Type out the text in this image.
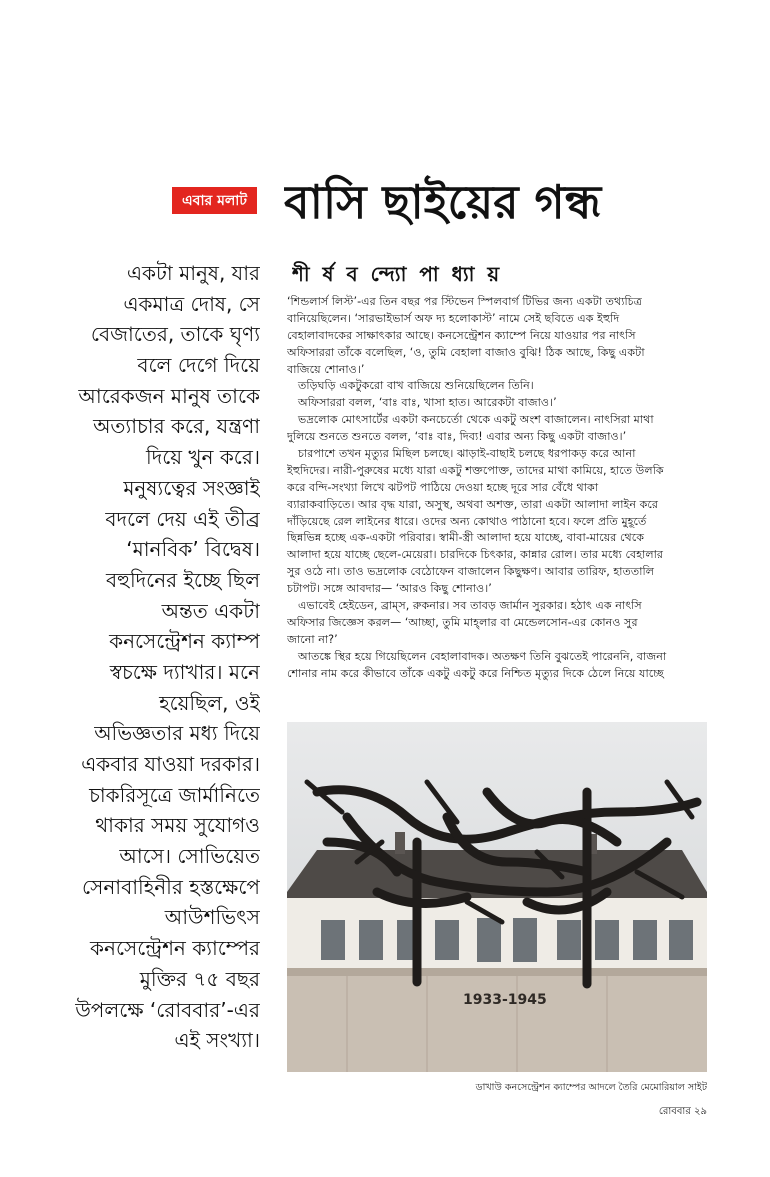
এবার মলাট বাসি ছাইয়ের গন্ধ
শী র্ষ ব ন্দ্যো পা ধ্যা য়
একটা মানুষ, যার
একমাত্র দোষ, সে
বেজাতের, তাকে ঘৃণ্য
বলে দেগে দিয়ে
আরেকজন মানুষ তাকে
অত্যাচার করে, যন্ত্রণা
দিয়ে খুন করে।
মনুষ্যত্বের সংজ্ঞাই
বদলে দেয় এই তীব্র
‘মানবিক’ বিদ্বেষ।
বহুদিনের ইচ্ছে ছিল
অন্তত একটা
কনসেন্ট্রেশন ক্যাম্প
স্বচক্ষে দ্যাখার। মনে
হয়েছিল, ওই
অভিজ্ঞতার মধ্য দিয়ে
একবার যাওয়া দরকার।
চাকরিসূত্রে জার্মানিতে
থাকার সময় সুযোগও
আসে। সোভিয়েত
সেনাবাহিনীর হস্তক্ষেপে
আউশভিৎস
কনসেন্ট্রেশন ক্যাম্পের
মুক্তির ৭৫ বছর
উপলক্ষে ‘রোববার’-এর
এই সংখ্যা।
‘শিন্ডলার্স লিস্ট’-এর তিন বছর পর স্টিভেন স্পিলবার্গ টিভির জন্য একটা তথ্যচিত্র
বানিয়েছিলেন। ‘সারভাইভার্স অফ দ্য হলোকাস্ট’ নামে সেই ছবিতে এক ইহুদি
বেহালাবাদকের সাক্ষাৎকার আছে। কনসেন্ট্রেশন ক্যাম্পে নিয়ে যাওয়ার পর নাৎসি
অফিসাররা তাঁকে বলেছিল, ‘ও, তুমি বেহালা বাজাও বুঝি! ঠিক আছে, কিছু একটা
বাজিয়ে শোনাও।’
তড়িঘড়ি একটুকরো বাখ বাজিয়ে শুনিয়েছিলেন তিনি।
অফিসাররা বলল, ‘বাঃ বাঃ, খাসা হাত। আরেকটা বাজাও।’
ভদ্রলোক মোৎসার্টের একটা কনচের্তো থেকে একটু অংশ বাজালেন। নাৎসিরা মাথা
দুলিয়ে শুনতে শুনতে বলল, ‘বাঃ বাঃ, দিব্য! এবার অন্য কিছু একটা বাজাও।’
চারপাশে তখন মৃত্যুর মিছিল চলছে। ঝাড়াই-বাছাই চলছে ধরপাকড় করে আনা
ইহুদিদের। নারী-পুরুষের মধ্যে যারা একটু শক্তপোক্ত, তাদের মাথা কামিয়ে, হাতে উলকি
করে বন্দি-সংখ্যা লিখে ঝটপট পাঠিয়ে দেওয়া হচ্ছে দূরে সার বেঁধে থাকা
ব্যারাকবাড়িতে। আর বৃদ্ধ যারা, অসুস্থ, অথবা অশক্ত, তারা একটা আলাদা লাইন করে
দাঁড়িয়েছে রেল লাইনের ধারে। ওদের অন্য কোথাও পাঠানো হবে। ফলে প্রতি মুহূর্তে
ছিন্নভিন্ন হচ্ছে এক-একটা পরিবার। স্বামী-স্ত্রী আলাদা হয়ে যাচ্ছে, বাবা-মায়ের থেকে
আলাদা হয়ে যাচ্ছে ছেলে-মেয়েরা। চারদিকে চিৎকার, কান্নার রোল। তার মধ্যে বেহালার
সুর ওঠে না। তাও ভদ্রলোক বেঠোফেন বাজালেন কিছুক্ষণ। আবার তারিফ, হাততালি
চটাপট। সঙ্গে আবদার— ‘আরও কিছু শোনাও।’
এভাবেই হেইডেন, ব্রাম্স, রুকনার। সব তাবড় জার্মান সুরকার। হঠাৎ এক নাৎসি
অফিসার জিজ্ঞেস করল— ‘আচ্ছা, তুমি মাহ্‌লার বা মেন্ডেলসোন-এর কোনও সুর
জানো না?’
আতঙ্কে স্থির হয়ে গিয়েছিলেন বেহালাবাদক। অতক্ষণ তিনি বুঝতেই পারেননি, বাজনা
শোনার নাম করে কীভাবে তাঁকে একটু একটু করে নিশ্চিত মৃত্যুর দিকে ঠেলে নিয়ে যাচ্ছে
1933-1945
ডাখাউ কনসেন্ট্রেশন ক্যাম্পের আদলে তৈরি মেমোরিয়াল সাইট
রোববার ২৯
